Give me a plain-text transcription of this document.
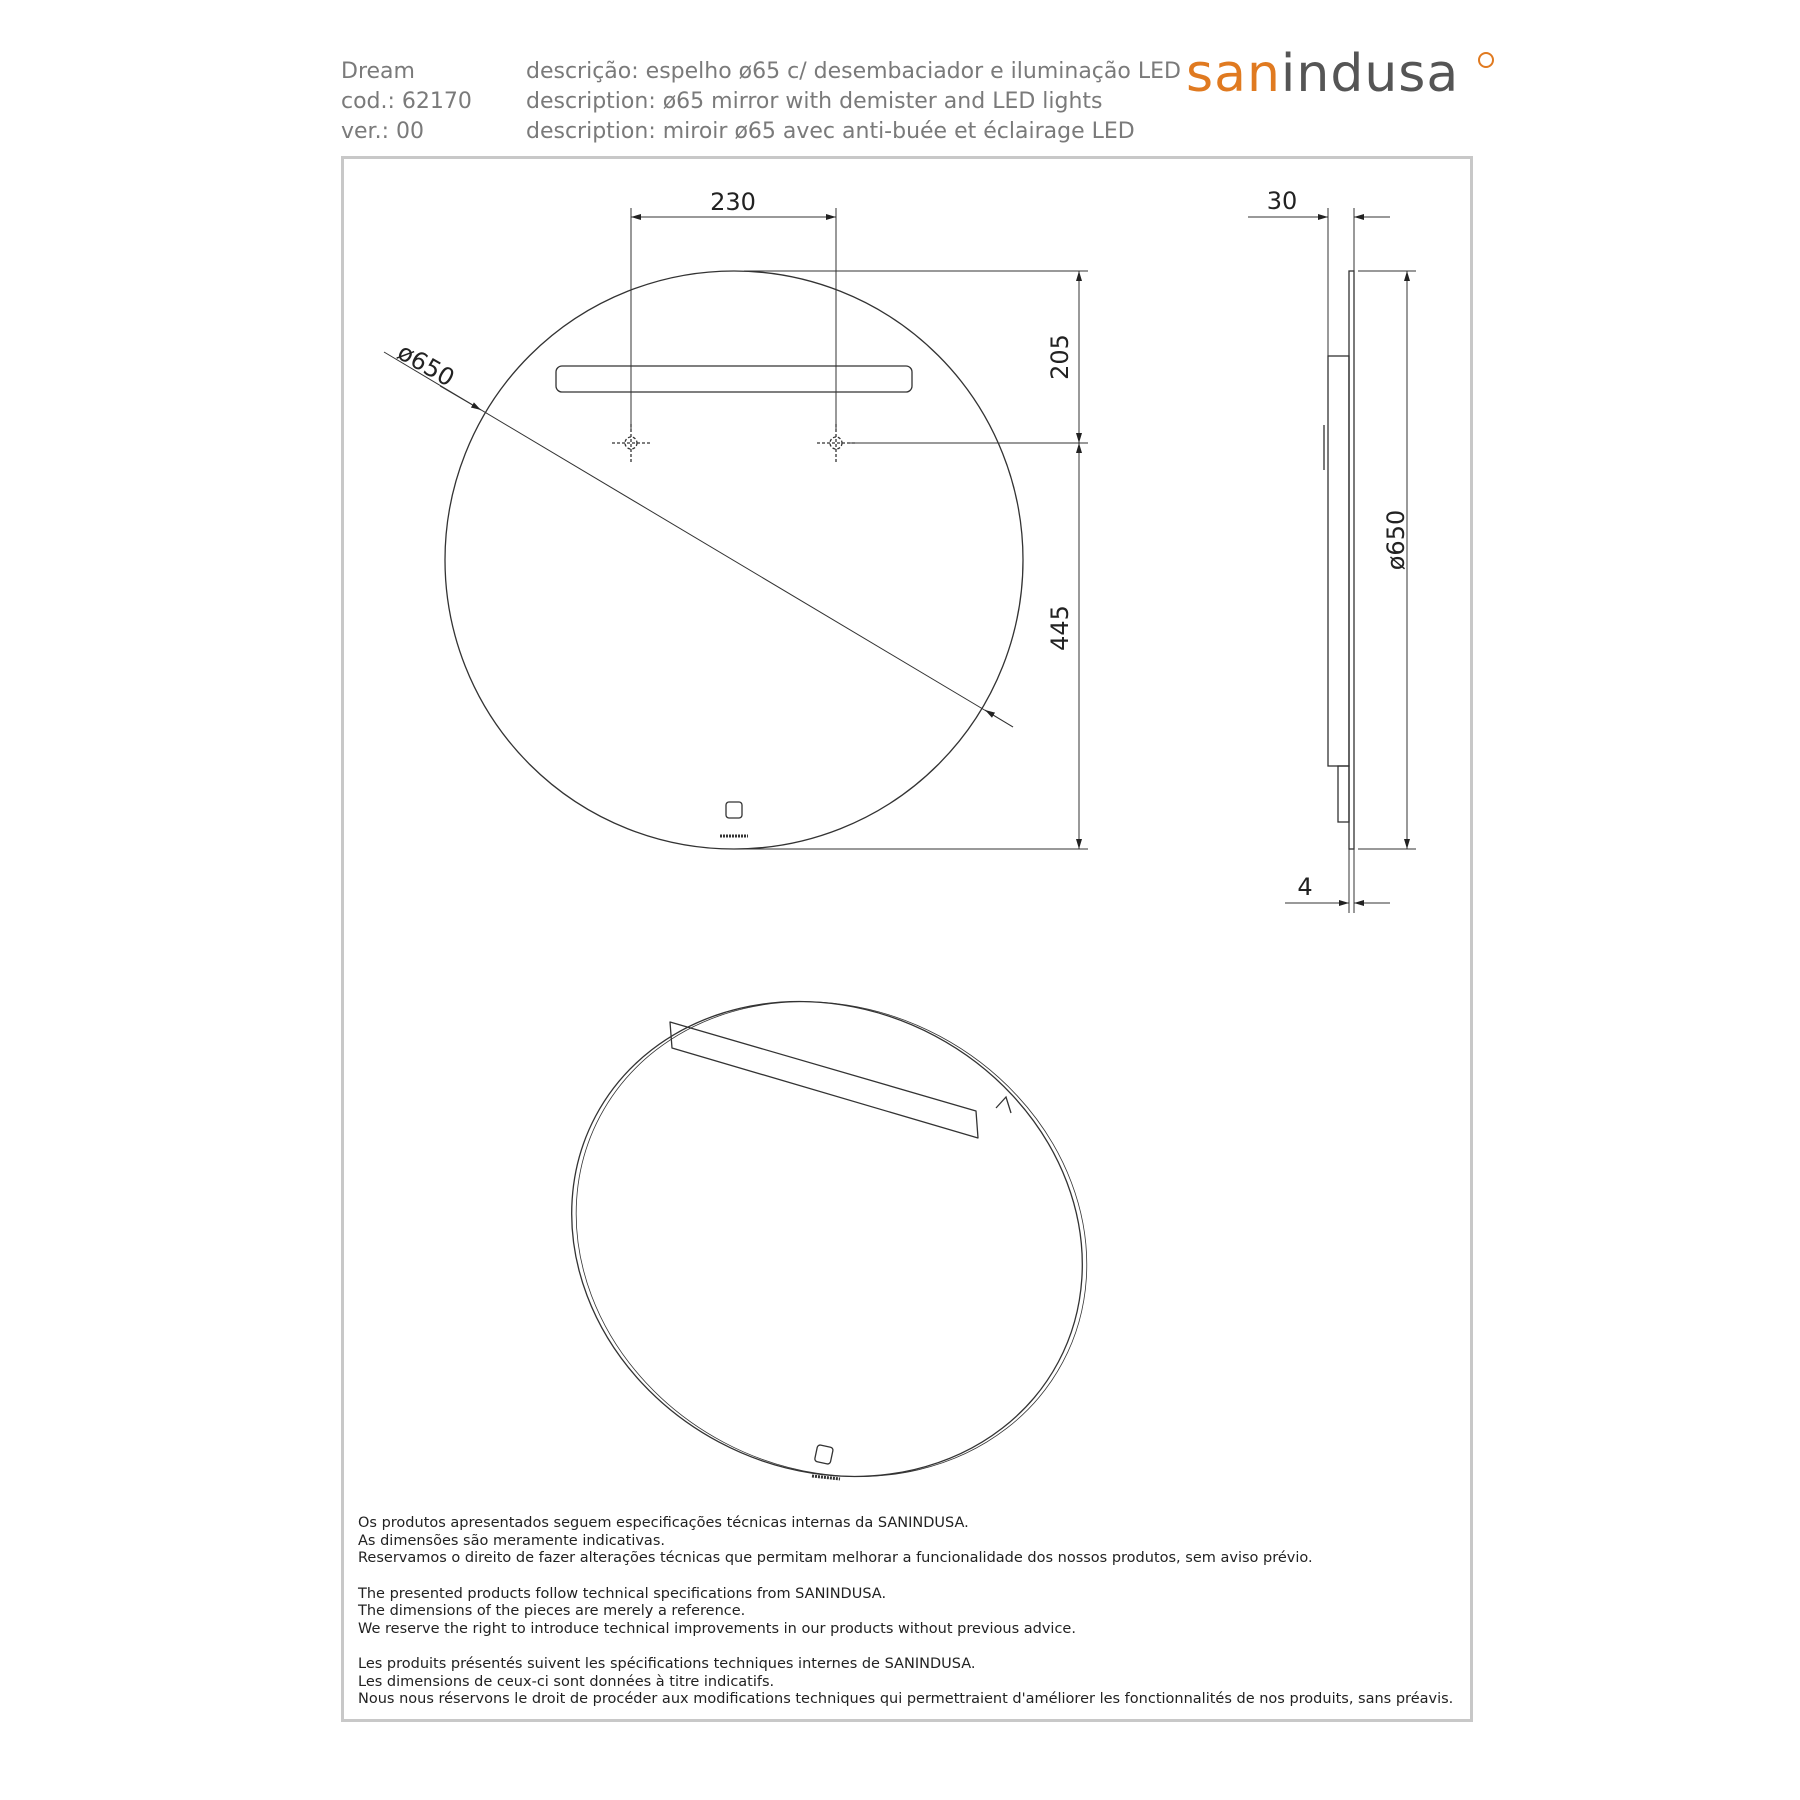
Dream
cod.: 62170
ver.: 00
descrição: espelho ø65 c/ desembaciador e iluminação LED
description: ø65 mirror with demister and LED lights
description: miroir ø65 avec anti-buée et éclairage LED
sanindusa
230
205
445
ø650
30
ø650
4

Os produtos apresentados seguem especificações técnicas internas da SANINDUSA.
As dimensões são meramente indicativas.
Reservamos o direito de fazer alterações técnicas que permitam melhorar a funcionalidade dos nossos produtos, sem aviso prévio.

The presented products follow technical specifications from SANINDUSA.
The dimensions of the pieces are merely a reference.
We reserve the right to introduce technical improvements in our products without previous advice.

Les produits présentés suivent les spécifications techniques internes de SANINDUSA.
Les dimensions de ceux-ci sont données à titre indicatifs.
Nous nous réservons le droit de procéder aux modifications techniques qui permettraient d'améliorer les fonctionnalités de nos produits, sans préavis.
